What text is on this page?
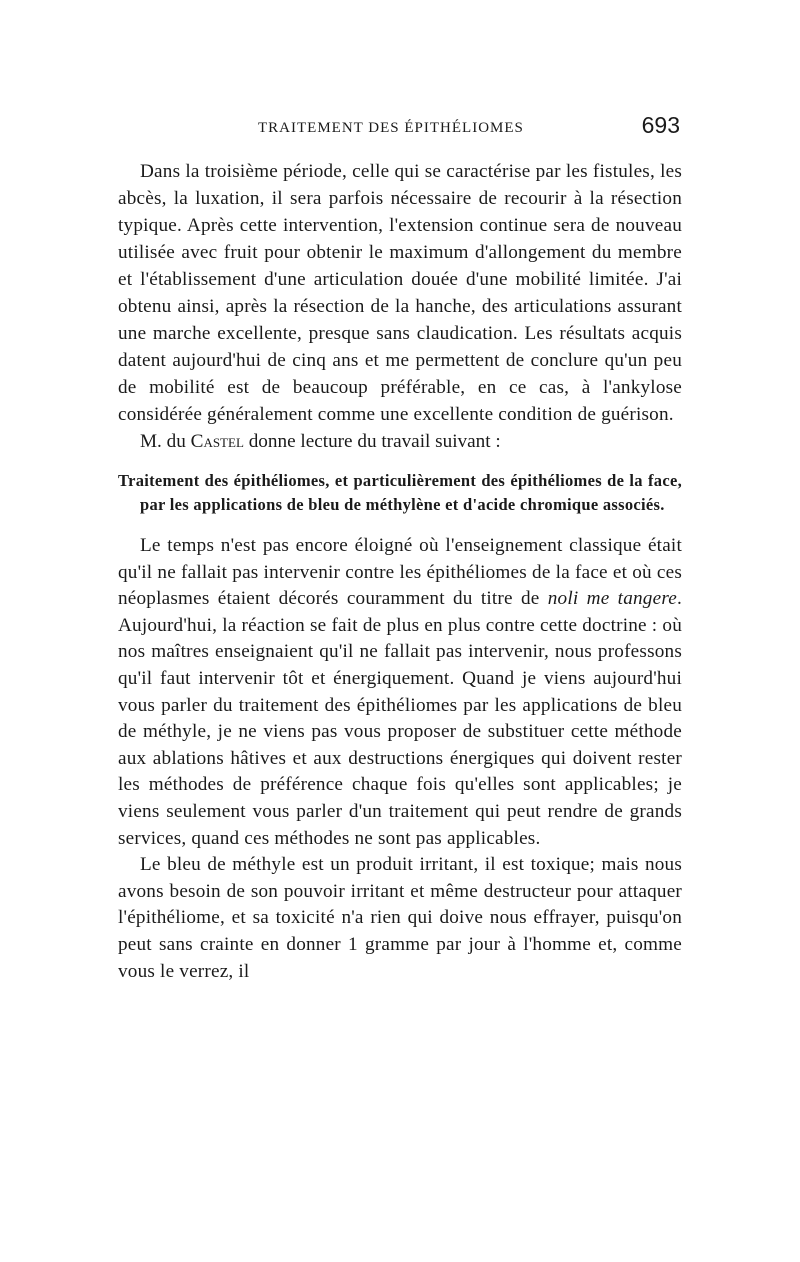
TRAITEMENT DES ÉPITHÉLIOMES	693

Dans la troisième période, celle qui se caractérise par les fistules, les abcès, la luxation, il sera parfois nécessaire de recourir à la résection typique. Après cette intervention, l'extension continue sera de nouveau utilisée avec fruit pour obtenir le maximum d'allongement du membre et l'établissement d'une articulation douée d'une mobilité limitée. J'ai obtenu ainsi, après la résection de la hanche, des articulations assurant une marche excellente, presque sans claudication. Les résultats acquis datent aujourd'hui de cinq ans et me permettent de conclure qu'un peu de mobilité est de beaucoup préférable, en ce cas, à l'ankylose considérée généralement comme une excellente condition de guérison.

M. du Castel donne lecture du travail suivant :

Traitement des épithéliomes, et particulièrement des épithéliomes de la face, par les applications de bleu de méthylène et d'acide chromique associés.

Le temps n'est pas encore éloigné où l'enseignement classique était qu'il ne fallait pas intervenir contre les épithéliomes de la face et où ces néoplasmes étaient décorés couramment du titre de noli me tangere. Aujourd'hui, la réaction se fait de plus en plus contre cette doctrine : où nos maîtres enseignaient qu'il ne fallait pas intervenir, nous professons qu'il faut intervenir tôt et énergiquement. Quand je viens aujourd'hui vous parler du traitement des épithéliomes par les applications de bleu de méthyle, je ne viens pas vous proposer de substituer cette méthode aux ablations hâtives et aux destructions énergiques qui doivent rester les méthodes de préférence chaque fois qu'elles sont applicables; je viens seulement vous parler d'un traitement qui peut rendre de grands services, quand ces méthodes ne sont pas applicables.

Le bleu de méthyle est un produit irritant, il est toxique; mais nous avons besoin de son pouvoir irritant et même destructeur pour attaquer l'épithéliome, et sa toxicité n'a rien qui doive nous effrayer, puisqu'on peut sans crainte en donner 1 gramme par jour à l'homme et, comme vous le verrez, il
